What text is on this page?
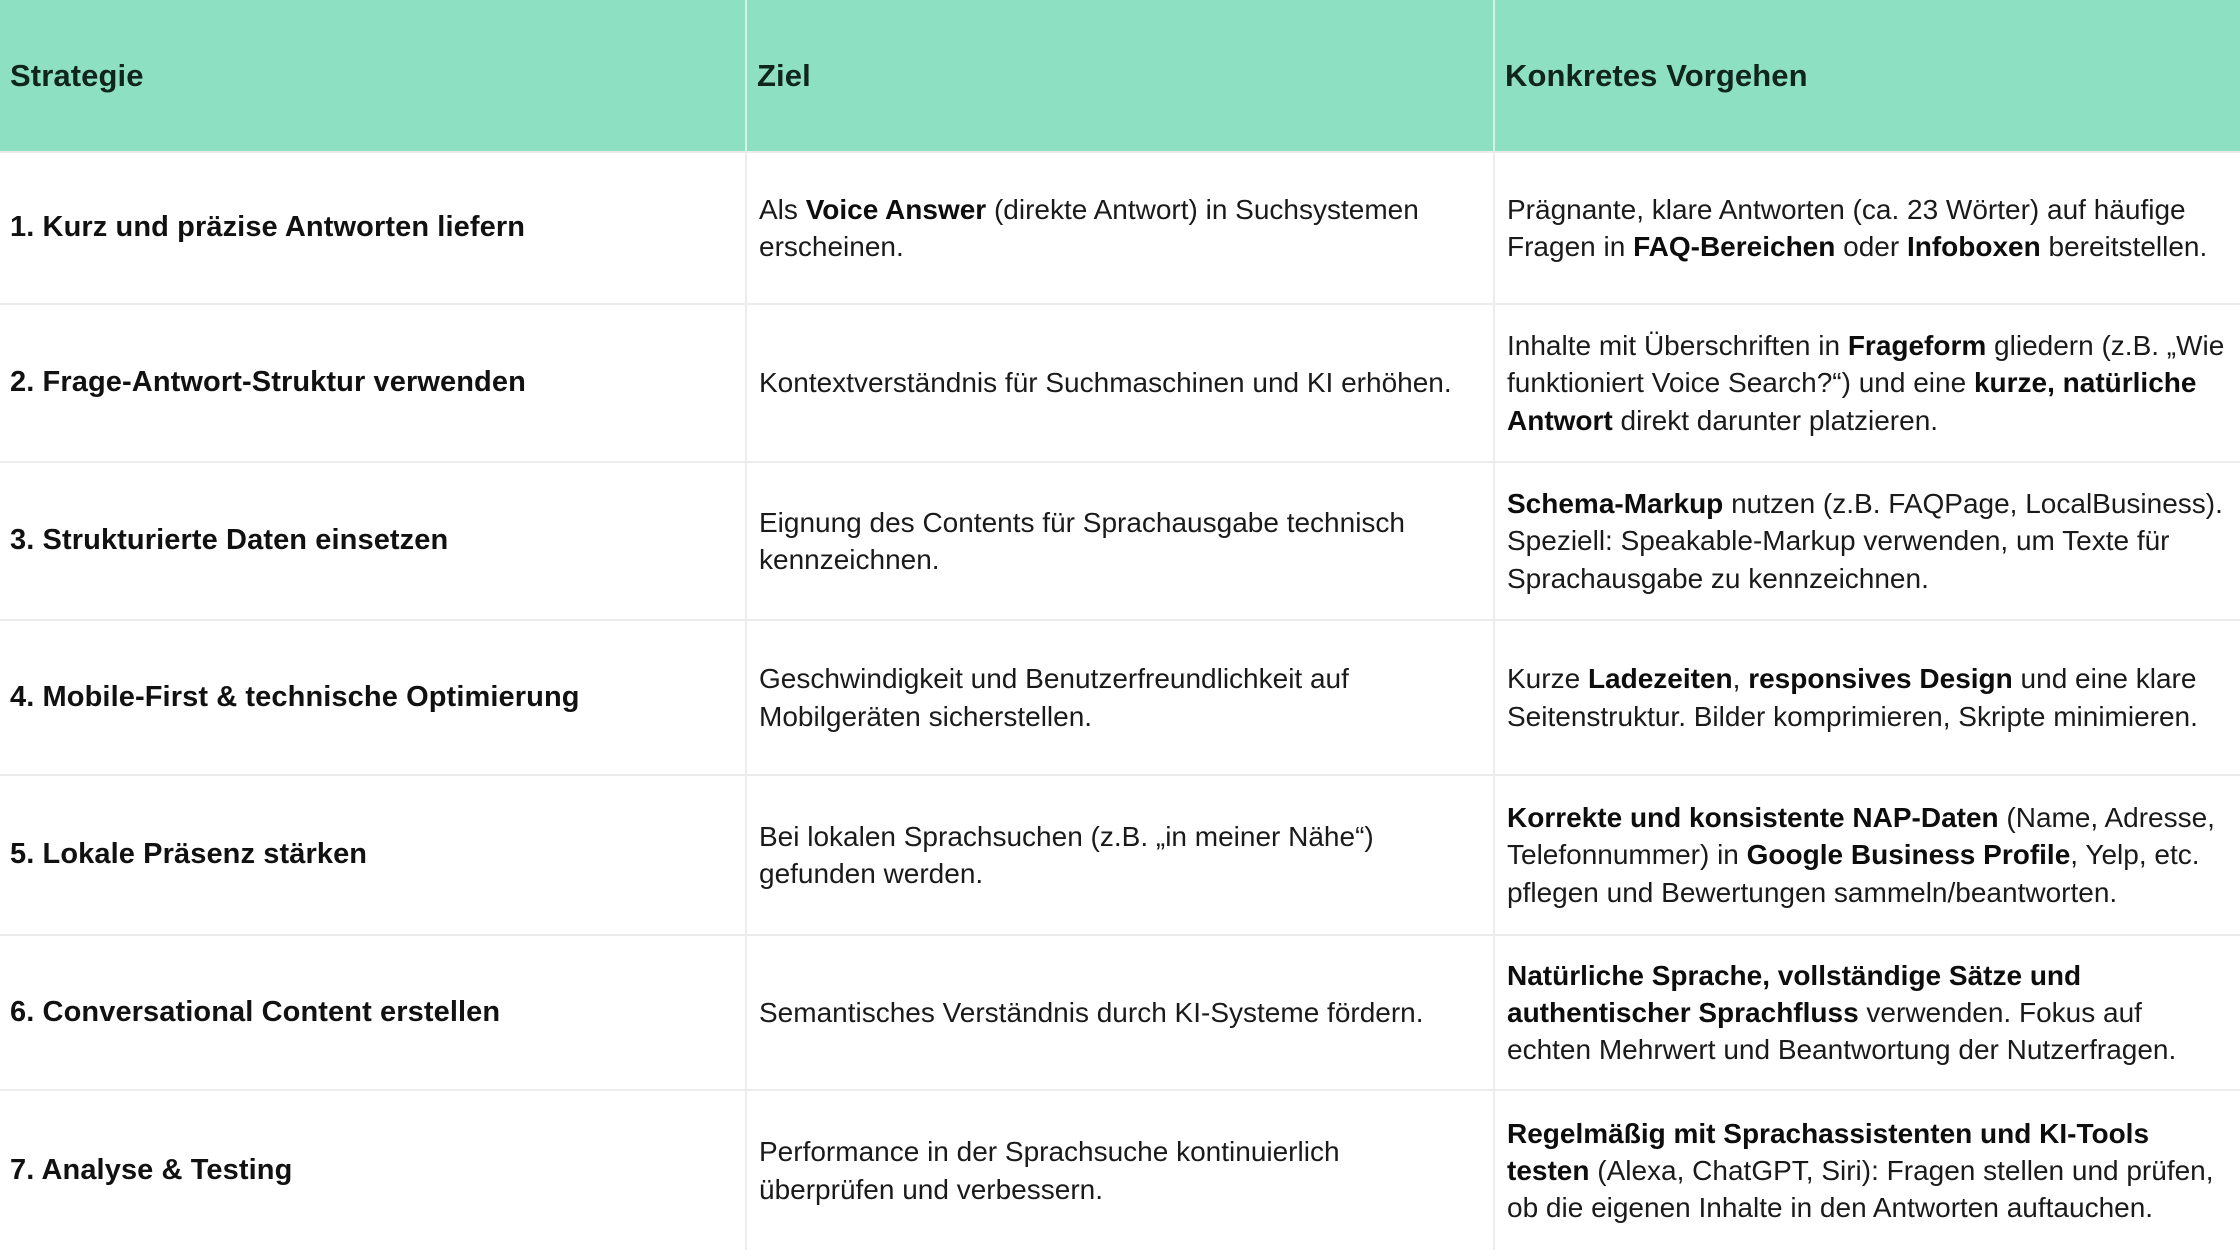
Strategie	Ziel	Konkretes Vorgehen

1. Kurz und präzise Antworten liefern	Als Voice Answer (direkte Antwort) in Suchsystemen erscheinen.	Prägnante, klare Antworten (ca. 23 Wörter) auf häufige Fragen in FAQ-Bereichen oder Infoboxen bereitstellen.

2. Frage-Antwort-Struktur verwenden	Kontextverständnis für Suchmaschinen und KI erhöhen.	Inhalte mit Überschriften in Frageform gliedern (z.B. „Wie funktioniert Voice Search?“) und eine kurze, natürliche Antwort direkt darunter platzieren.

3. Strukturierte Daten einsetzen	Eignung des Contents für Sprachausgabe technisch kennzeichnen.	Schema-Markup nutzen (z.B. FAQPage, LocalBusiness). Speziell: Speakable-Markup verwenden, um Texte für Sprachausgabe zu kennzeichnen.

4. Mobile-First & technische Optimierung	Geschwindigkeit und Benutzerfreundlichkeit auf Mobilgeräten sicherstellen.	Kurze Ladezeiten, responsives Design und eine klare Seitenstruktur. Bilder komprimieren, Skripte minimieren.

5. Lokale Präsenz stärken	Bei lokalen Sprachsuchen (z.B. „in meiner Nähe“) gefunden werden.	Korrekte und konsistente NAP-Daten (Name, Adresse, Telefonnummer) in Google Business Profile, Yelp, etc. pflegen und Bewertungen sammeln/beantworten.

6. Conversational Content erstellen	Semantisches Verständnis durch KI-Systeme fördern.	Natürliche Sprache, vollständige Sätze und authentischer Sprachfluss verwenden. Fokus auf echten Mehrwert und Beantwortung der Nutzerfragen.

7. Analyse & Testing	Performance in der Sprachsuche kontinuierlich überprüfen und verbessern.	Regelmäßig mit Sprachassistenten und KI-Tools testen (Alexa, ChatGPT, Siri): Fragen stellen und prüfen, ob die eigenen Inhalte in den Antworten auftauchen.
